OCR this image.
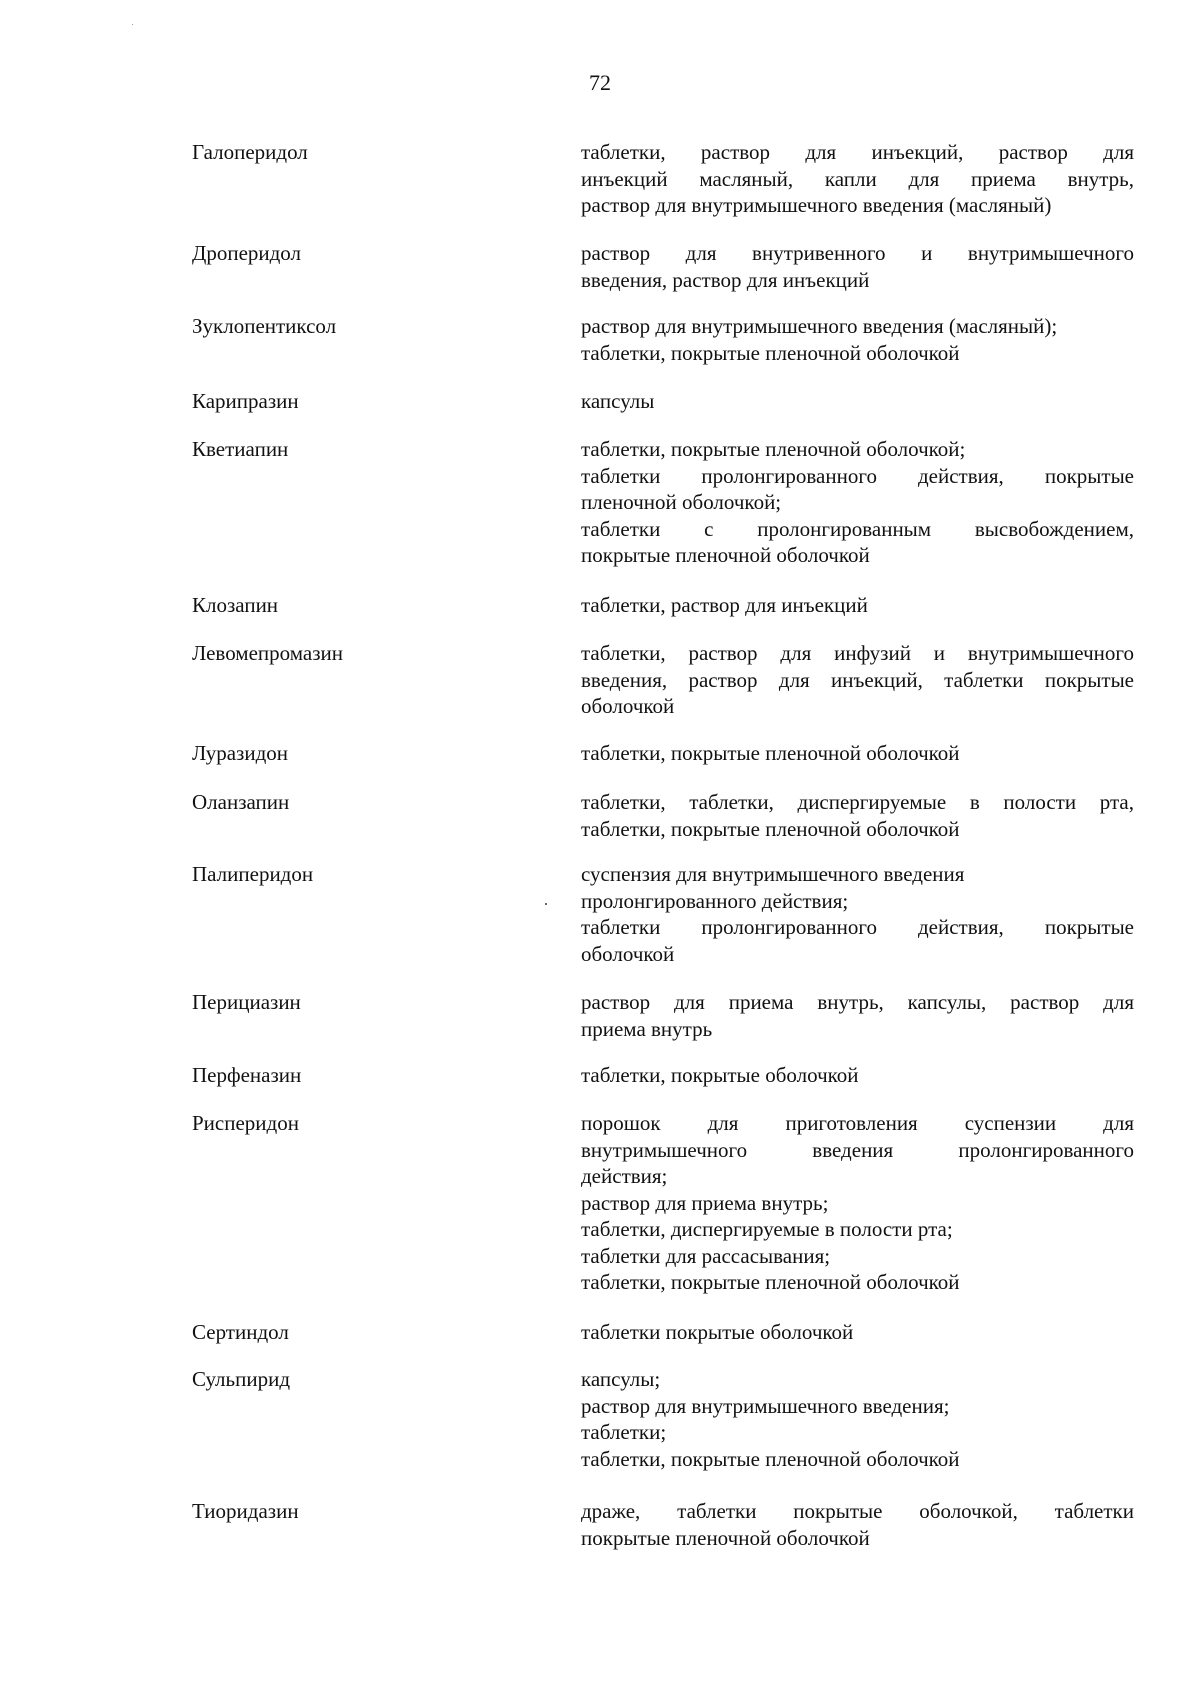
72
Галоперидол	таблетки, раствор для инъекций, раствор для
инъекций масляный, капли для приема внутрь,
раствор для внутримышечного введения (масляный)
Дроперидол	раствор для внутривенного и внутримышечного
введения, раствор для инъекций
Зуклопентиксол	раствор для внутримышечного введения (масляный);
таблетки, покрытые пленочной оболочкой
Карипразин	капсулы
Кветиапин	таблетки, покрытые пленочной оболочкой;
таблетки пролонгированного действия, покрытые
пленочной оболочкой;
таблетки с пролонгированным высвобождением,
покрытые пленочной оболочкой
Клозапин	таблетки, раствор для инъекций
Левомепромазин	таблетки, раствор для инфузий и внутримышечного
введения, раствор для инъекций, таблетки покрытые
оболочкой
Луразидон	таблетки, покрытые пленочной оболочкой
Оланзапин	таблетки, таблетки, диспергируемые в полости рта,
таблетки, покрытые пленочной оболочкой
Палиперидон	суспензия для внутримышечного введения
пролонгированного действия;
таблетки пролонгированного действия, покрытые
оболочкой
Перициазин	раствор для приема внутрь, капсулы, раствор для
приема внутрь
Перфеназин	таблетки, покрытые оболочкой
Рисперидон	порошок для приготовления суспензии для
внутримышечного введения пролонгированного
действия;
раствор для приема внутрь;
таблетки, диспергируемые в полости рта;
таблетки для рассасывания;
таблетки, покрытые пленочной оболочкой
Сертиндол	таблетки покрытые оболочкой
Сульпирид	капсулы;
раствор для внутримышечного введения;
таблетки;
таблетки, покрытые пленочной оболочкой
Тиоридазин	драже, таблетки покрытые оболочкой, таблетки
покрытые пленочной оболочкой
